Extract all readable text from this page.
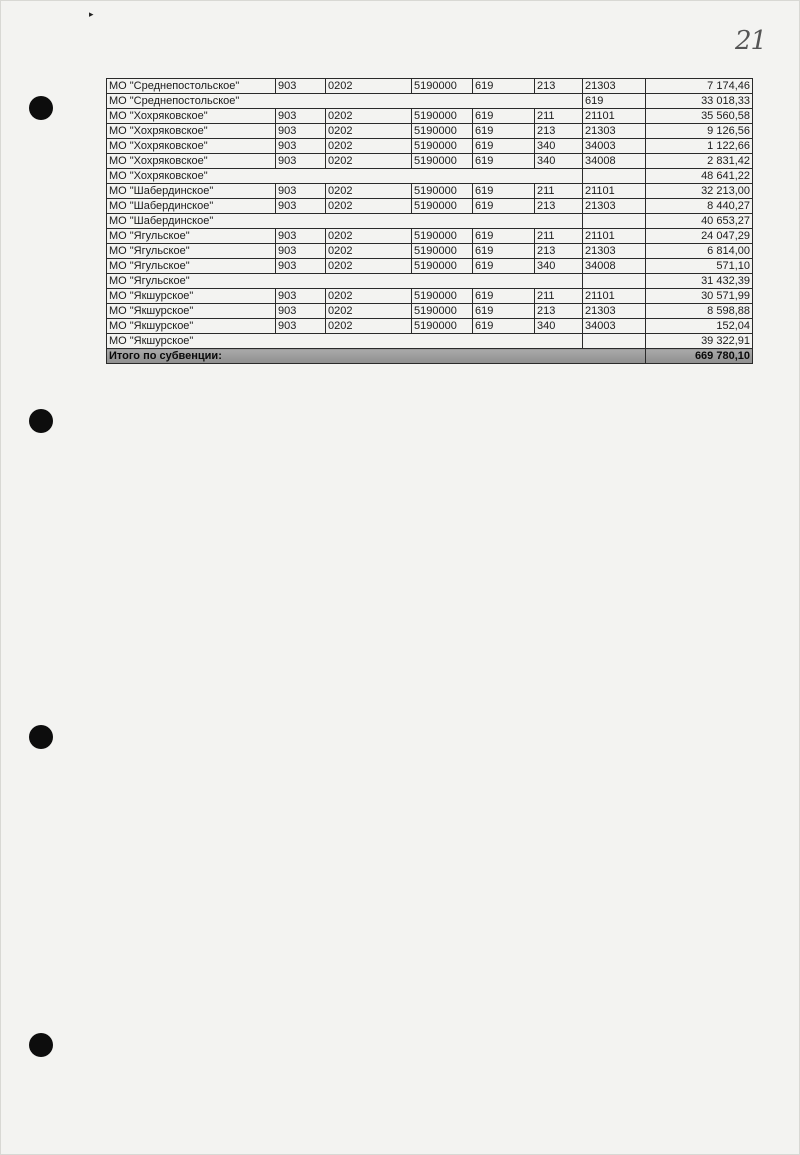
▸
21
МО "Среднепостольское"	903	0202	5190000	619	213	21303	7 174,46
МО "Среднепостольское"						619	33 018,33
МО "Хохряковское"	903	0202	5190000	619	211	21101	35 560,58
МО "Хохряковское"	903	0202	5190000	619	213	21303	9 126,56
МО "Хохряковское"	903	0202	5190000	619	340	34003	1 122,66
МО "Хохряковское"	903	0202	5190000	619	340	34008	2 831,42
МО "Хохряковское"							48 641,22
МО "Шабердинское"	903	0202	5190000	619	211	21101	32 213,00
МО "Шабердинское"	903	0202	5190000	619	213	21303	8 440,27
МО "Шабердинское"							40 653,27
МО "Ягульское"	903	0202	5190000	619	211	21101	24 047,29
МО "Ягульское"	903	0202	5190000	619	213	21303	6 814,00
МО "Ягульское"	903	0202	5190000	619	340	34008	571,10
МО "Ягульское"							31 432,39
МО "Якшурское"	903	0202	5190000	619	211	21101	30 571,99
МО "Якшурское"	903	0202	5190000	619	213	21303	8 598,88
МО "Якшурское"	903	0202	5190000	619	340	34003	152,04
МО "Якшурское"							39 322,91
Итого по субвенции:							669 780,10
